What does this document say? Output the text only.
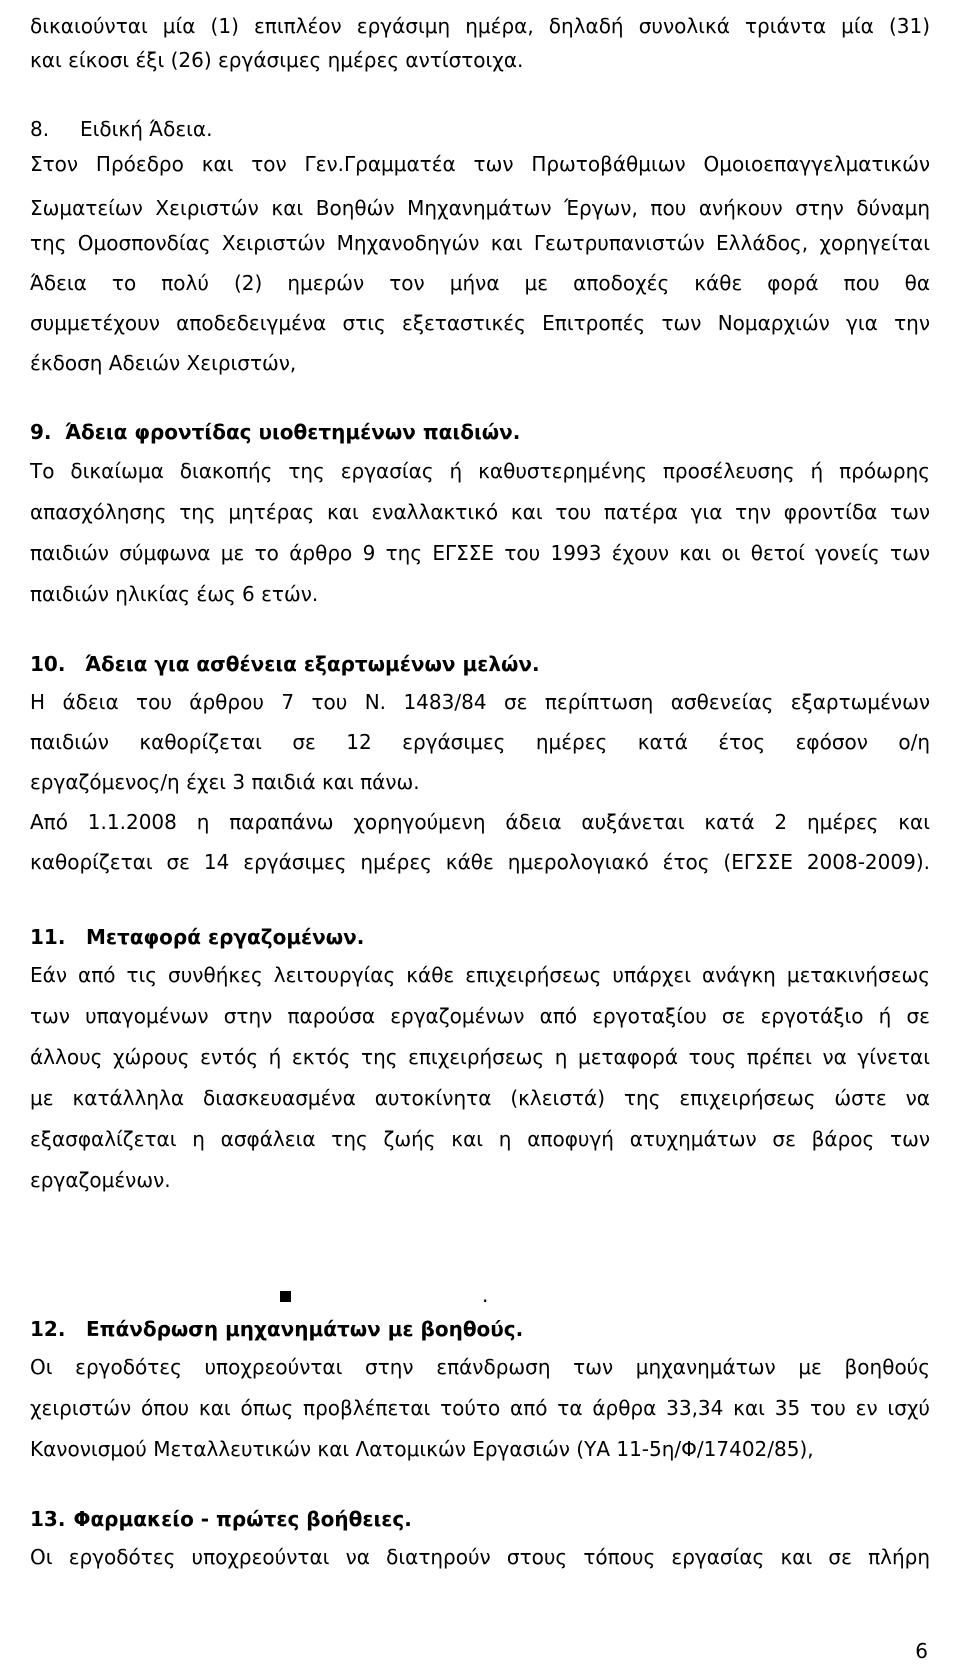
δικαιούνται μία (1) επιπλέον εργάσιμη ημέρα, δηλαδή συνολικά τριάντα μία (31)
και είκοσι έξι (26) εργάσιμες ημέρες αντίστοιχα.
8. Ειδική Άδεια.
Στον Πρόεδρο και τον Γεν.Γραμματέα των Πρωτοβάθμιων Ομοιοεπαγγελματικών
Σωματείων Χειριστών και Βοηθών Μηχανημάτων Έργων, που ανήκουν στην δύναμη
της Ομοσπονδίας Χειριστών Μηχανοδηγών και Γεωτρυπανιστών Ελλάδος, χορηγείται
Άδεια το πολύ (2) ημερών τον μήνα με αποδοχές κάθε φορά που θα
συμμετέχουν αποδεδειγμένα στις εξεταστικές Επιτροπές των Νομαρχιών για την
έκδοση Αδειών Χειριστών,
9. Άδεια φροντίδας υιοθετημένων παιδιών.
Το δικαίωμα διακοπής της εργασίας ή καθυστερημένης προσέλευσης ή πρόωρης
απασχόλησης της μητέρας και εναλλακτικό και του πατέρα για την φροντίδα των
παιδιών σύμφωνα με το άρθρο 9 της ΕΓΣΣΕ του 1993 έχουν και οι θετοί γονείς των
παιδιών ηλικίας έως 6 ετών.
10. Άδεια για ασθένεια εξαρτωμένων μελών.
Η άδεια του άρθρου 7 του Ν. 1483/84 σε περίπτωση ασθενείας εξαρτωμένων
παιδιών καθορίζεται σε 12 εργάσιμες ημέρες κατά έτος εφόσον ο/η
εργαζόμενος/η έχει 3 παιδιά και πάνω.
Από 1.1.2008 η παραπάνω χορηγούμενη άδεια αυξάνεται κατά 2 ημέρες και
καθορίζεται σε 14 εργάσιμες ημέρες κάθε ημερολογιακό έτος (ΕΓΣΣΕ 2008-2009).
11. Μεταφορά εργαζομένων.
Εάν από τις συνθήκες λειτουργίας κάθε επιχειρήσεως υπάρχει ανάγκη μετακινήσεως
των υπαγομένων στην παρούσα εργαζομένων από εργοταξίου σε εργοτάξιο ή σε
άλλους χώρους εντός ή εκτός της επιχειρήσεως η μεταφορά τους πρέπει να γίνεται
με κατάλληλα διασκευασμένα αυτοκίνητα (κλειστά) της επιχειρήσεως ώστε να
εξασφαλίζεται η ασφάλεια της ζωής και η αποφυγή ατυχημάτων σε βάρος των
εργαζομένων.
.
12. Επάνδρωση μηχανημάτων με βοηθούς.
Οι εργοδότες υποχρεούνται στην επάνδρωση των μηχανημάτων με βοηθούς
χειριστών όπου και όπως προβλέπεται τούτο από τα άρθρα 33,34 και 35 του εν ισχύ
Κανονισμού Μεταλλευτικών και Λατομικών Εργασιών (ΥΑ 11-5η/Φ/17402/85),
13. Φαρμακείο - πρώτες βοήθειες.
Οι εργοδότες υποχρεούνται να διατηρούν στους τόπους εργασίας και σε πλήρη
6
